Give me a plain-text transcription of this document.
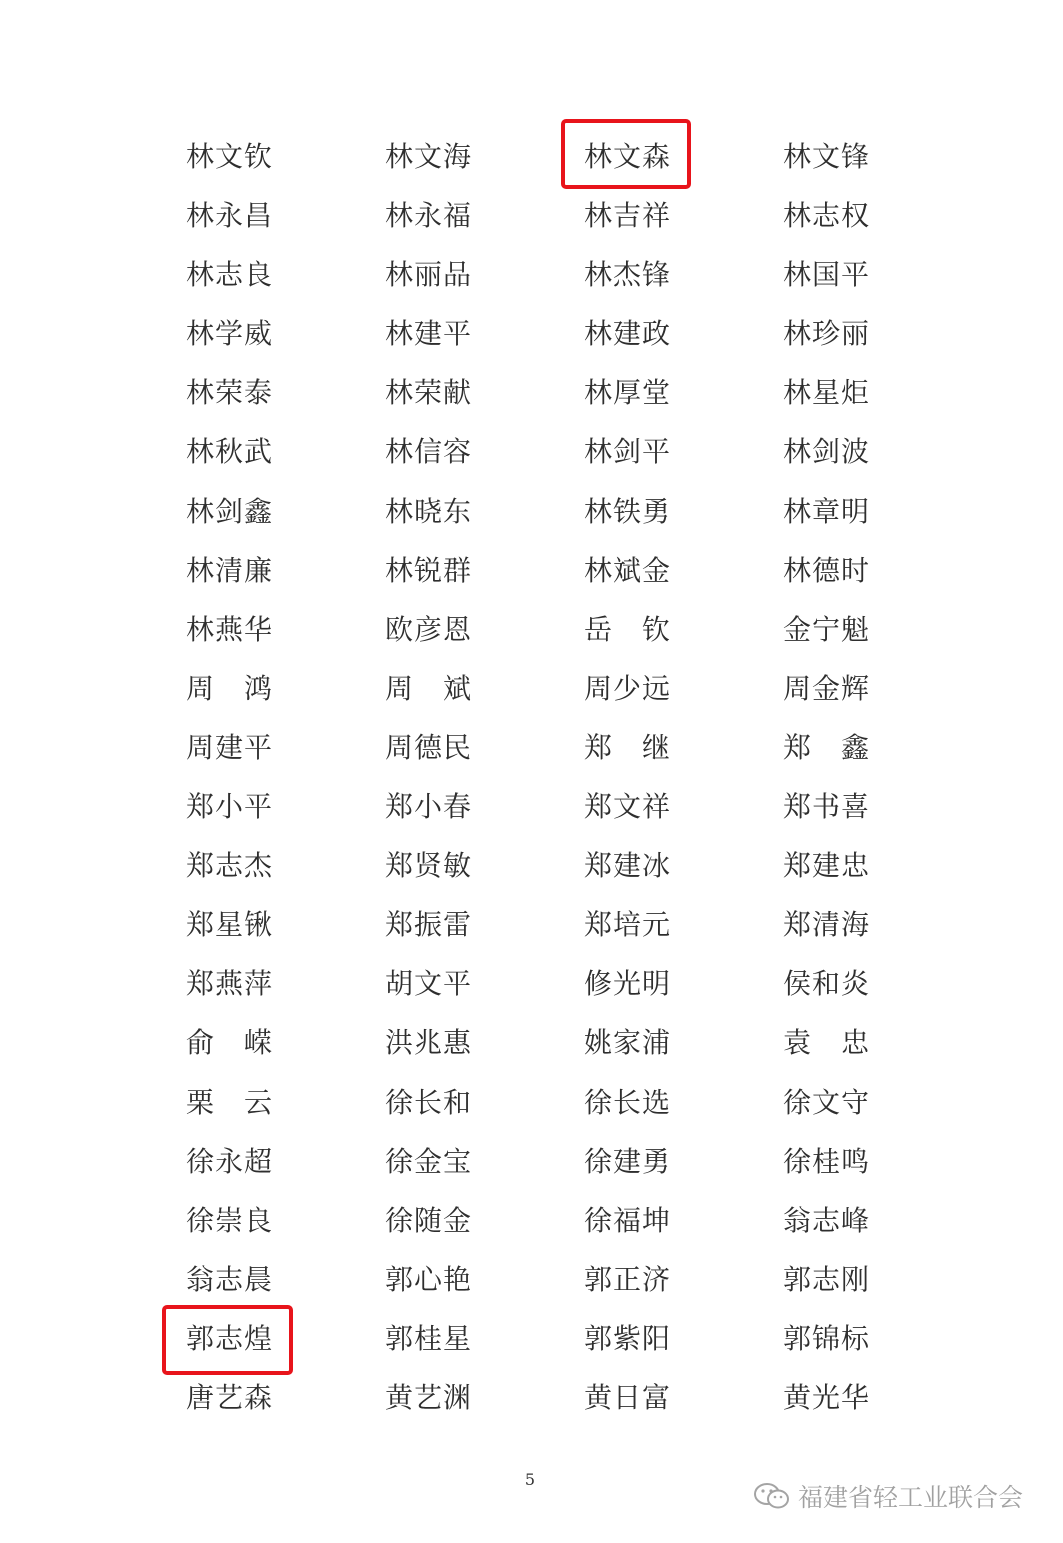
林 文 钦	林 文 海	林 文 森	林 文 锋
林 永 昌	林 永 福	林 吉 祥	林 志 权
林 志 良	林 丽 品	林 杰 锋	林 国 平
林 学 威	林 建 平	林 建 政	林 珍 丽
林 荣 泰	林 荣 献	林 厚 堂	林 星 炬
林 秋 武	林 信 容	林 剑 平	林 剑 波
林 剑 鑫	林 晓 东	林 铁 勇	林 章 明
林 清 廉	林 锐 群	林 斌 金	林 德 时
林 燕 华	欧 彦 恩	岳 钦	金 宁 魁
周 鸿	周 斌	周 少 远	周 金 辉
周 建 平	周 德 民	郑 继	郑 鑫
郑 小 平	郑 小 春	郑 文 祥	郑 书 喜
郑 志 杰	郑 贤 敏	郑 建 冰	郑 建 忠
郑 星 锹	郑 振 雷	郑 培 元	郑 清 海
郑 燕 萍	胡 文 平	修 光 明	侯 和 炎
俞 嵘	洪 兆 惠	姚 家 浦	袁 忠
栗 云	徐 长 和	徐 长 选	徐 文 守
徐 永 超	徐 金 宝	徐 建 勇	徐 桂 鸣
徐 崇 良	徐 随 金	徐 福 坤	翁 志 峰
翁 志 晨	郭 心 艳	郭 正 济	郭 志 刚
郭 志 煌	郭 桂 星	郭 紫 阳	郭 锦 标
唐 艺 森	黄 艺 渊	黄 日 富	黄 光 华
5
福建省轻工业联合会
